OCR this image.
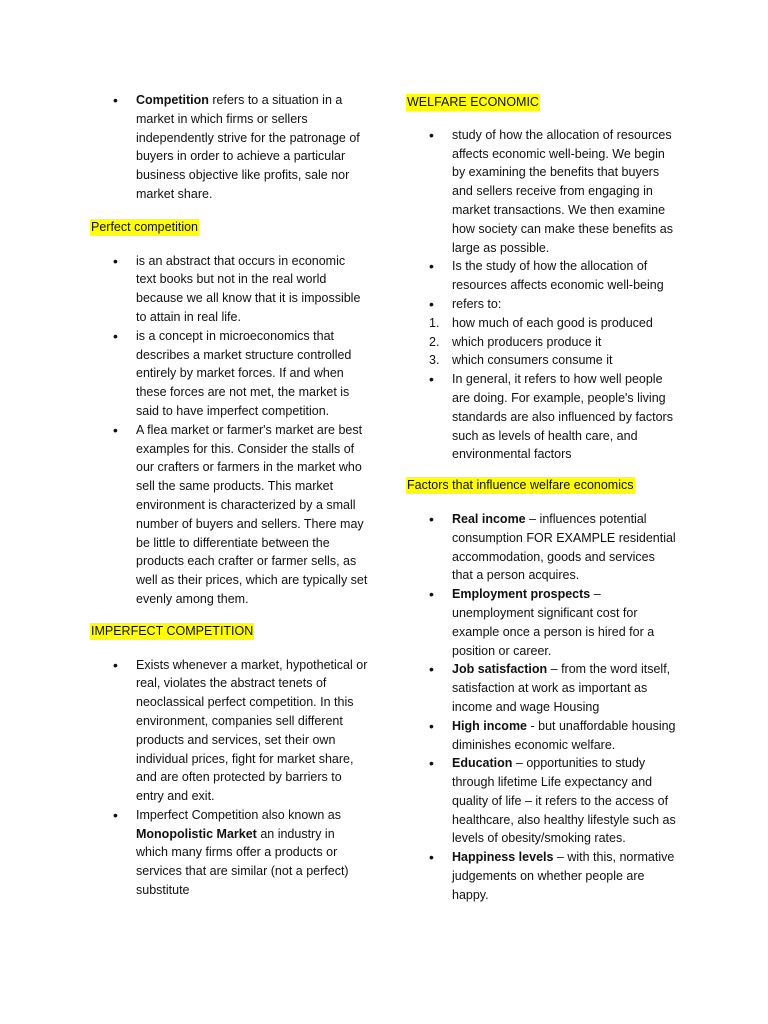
• Competition refers to a situation in a market in which firms or sellers independently strive for the patronage of buyers in order to achieve a particular business objective like profits, sale nor market share.
Perfect competition
• is an abstract that occurs in economic text books but not in the real world because we all know that it is impossible to attain in real life.
• is a concept in microeconomics that describes a market structure controlled entirely by market forces. If and when these forces are not met, the market is said to have imperfect competition.
• A flea market or farmer's market are best examples for this. Consider the stalls of our crafters or farmers in the market who sell the same products. This market environment is characterized by a small number of buyers and sellers. There may be little to differentiate between the products each crafter or farmer sells, as well as their prices, which are typically set evenly among them.
IMPERFECT COMPETITION
• Exists whenever a market, hypothetical or real, violates the abstract tenets of neoclassical perfect competition. In this environment, companies sell different products and services, set their own individual prices, fight for market share, and are often protected by barriers to entry and exit.
• Imperfect Competition also known as Monopolistic Market an industry in which many firms offer a products or services that are similar (not a perfect) substitute
WELFARE ECONOMIC
• study of how the allocation of resources affects economic well-being. We begin by examining the benefits that buyers and sellers receive from engaging in market transactions. We then examine how society can make these benefits as large as possible.
• Is the study of how the allocation of resources affects economic well-being
• refers to:
1. how much of each good is produced
2. which producers produce it
3. which consumers consume it
• In general, it refers to how well people are doing. For example, people's living standards are also influenced by factors such as levels of health care, and environmental factors
Factors that influence welfare economics
• Real income – influences potential consumption FOR EXAMPLE residential accommodation, goods and services that a person acquires.
• Employment prospects – unemployment significant cost for example once a person is hired for a position or career.
• Job satisfaction – from the word itself, satisfaction at work as important as income and wage Housing
• High income - but unaffordable housing diminishes economic welfare.
• Education – opportunities to study through lifetime Life expectancy and quality of life – it refers to the access of healthcare, also healthy lifestyle such as levels of obesity/smoking rates.
• Happiness levels – with this, normative judgements on whether people are happy.
